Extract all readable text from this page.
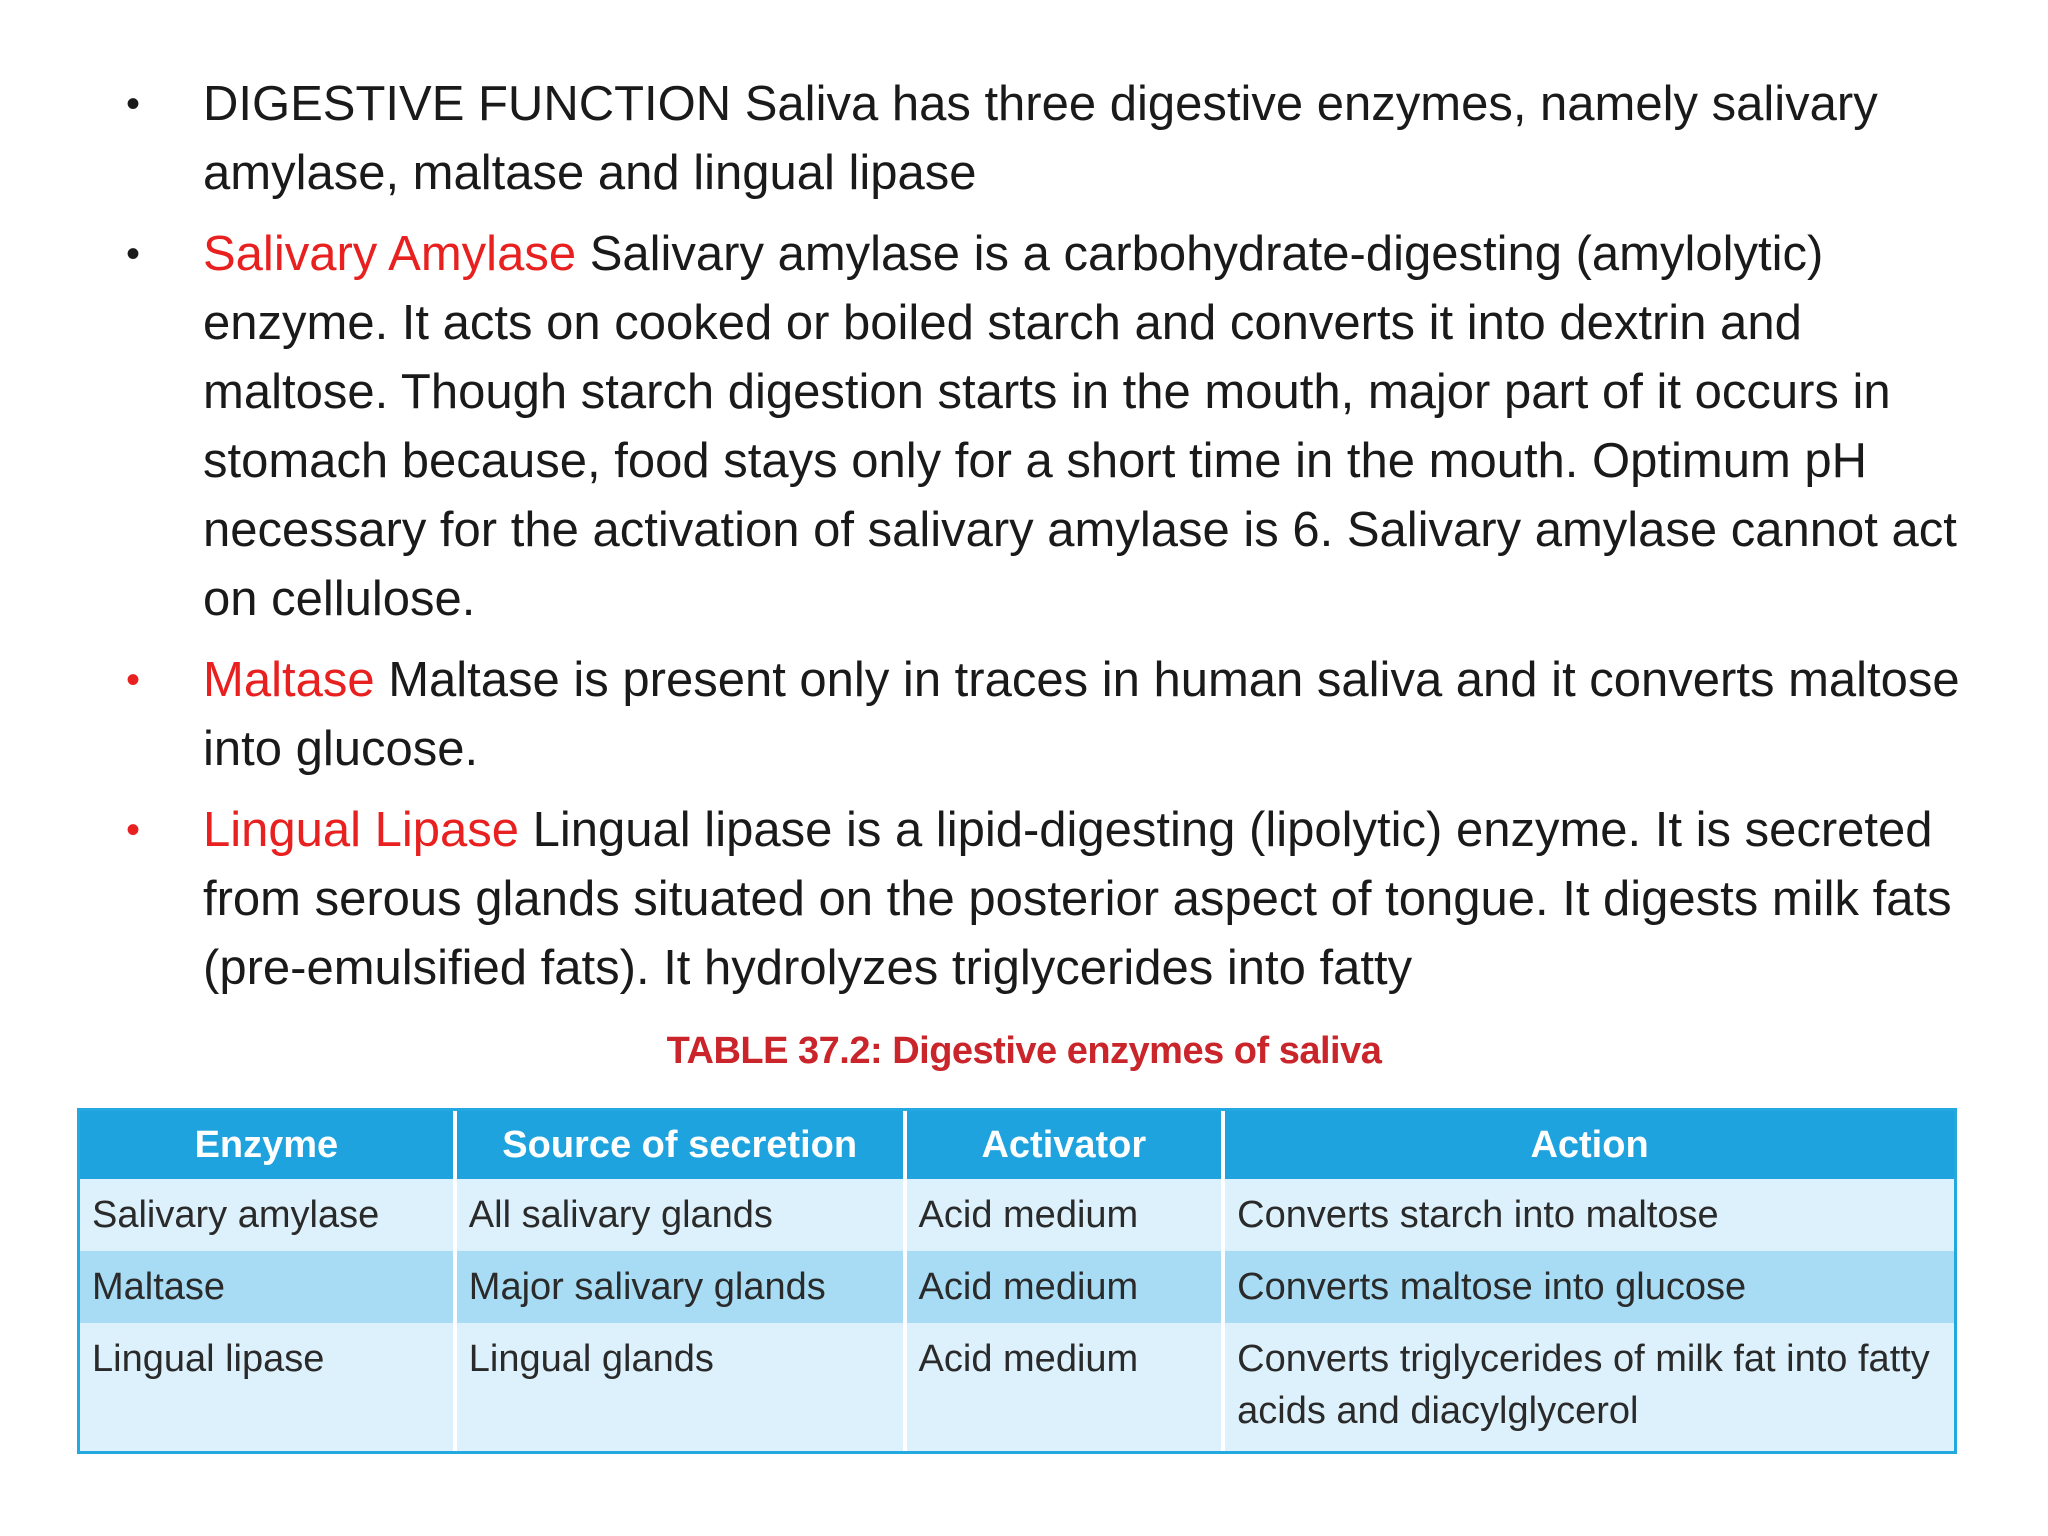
• DIGESTIVE FUNCTION Saliva has three digestive enzymes, namely salivary amylase, maltase and lingual lipase
• Salivary Amylase Salivary amylase is a carbohydrate-digesting (amylolytic) enzyme. It acts on cooked or boiled starch and converts it into dextrin and maltose. Though starch digestion starts in the mouth, major part of it occurs in stomach because, food stays only for a short time in the mouth. Optimum pH necessary for the activation of salivary amylase is 6. Salivary amylase cannot act on cellulose.
• Maltase Maltase is present only in traces in human saliva and it converts maltose into glucose.
• Lingual Lipase Lingual lipase is a lipid-digesting (lipolytic) enzyme. It is secreted from serous glands situated on the posterior aspect of tongue. It digests milk fats (pre-emulsified fats). It hydrolyzes triglycerides into fatty
TABLE 37.2: Digestive enzymes of saliva
Enzyme	Source of secretion	Activator	Action
Salivary amylase	All salivary glands	Acid medium	Converts starch into maltose
Maltase	Major salivary glands	Acid medium	Converts maltose into glucose
Lingual lipase	Lingual glands	Acid medium	Converts triglycerides of milk fat into fatty acids and diacylglycerol
